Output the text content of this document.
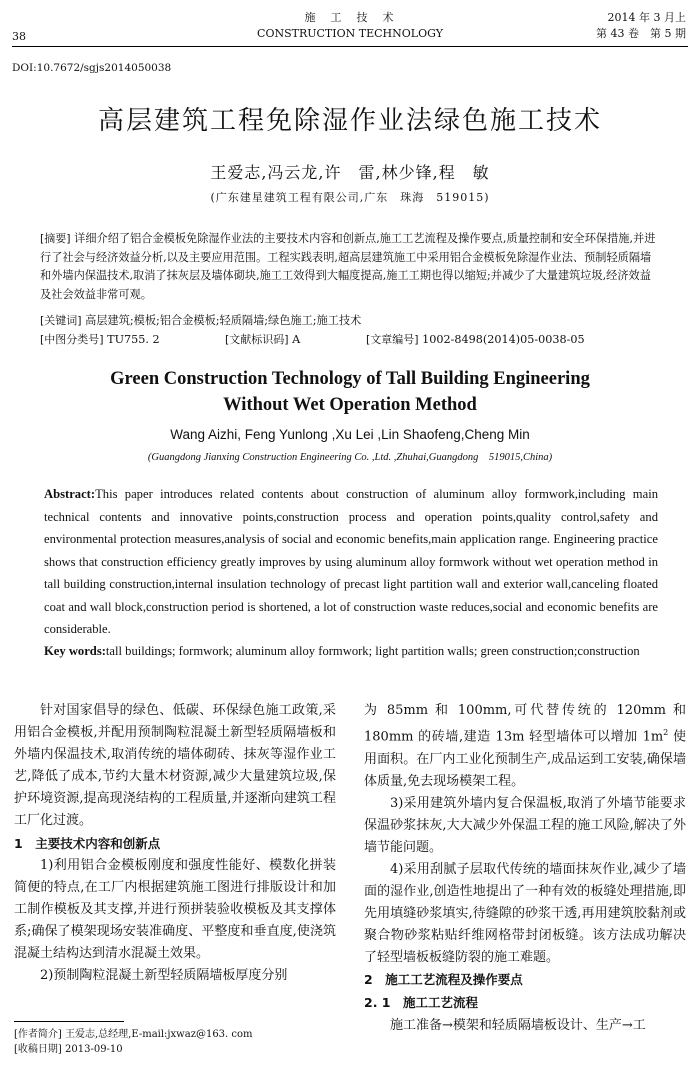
38
施　工　技　术
CONSTRUCTION TECHNOLOGY
2014 年 3 月上
第 43 卷　第 5 期
DOI:10.7672/sgjs2014050038
高层建筑工程免除湿作业法绿色施工技术
王爱志,冯云龙,许　雷,林少锋,程　敏
(广东建星建筑工程有限公司,广东　珠海　519015)
[摘要] 详细介绍了铝合金模板免除湿作业法的主要技术内容和创新点,施工工艺流程及操作要点,质量控制和安全环保措施,并进行了社会与经济效益分析,以及主要应用范围。工程实践表明,超高层建筑施工中采用铝合金模板免除湿作业法、预制轻质隔墙和外墙内保温技术,取消了抹灰层及墙体砌块,施工工效得到大幅度提高,施工工期也得以缩短;并减少了大量建筑垃圾,经济效益及社会效益非常可观。
[关键词] 高层建筑;模板;铝合金模板;轻质隔墙;绿色施工;施工技术
[中图分类号] TU755. 2	[文献标识码] A	[文章编号] 1002-8498(2014)05-0038-05
Green Construction Technology of Tall Building Engineering Without Wet Operation Method
Wang Aizhi, Feng Yunlong ,Xu Lei ,Lin Shaofeng,Cheng Min
(Guangdong Jianxing Construction Engineering Co. ,Ltd. ,Zhuhai,Guangdong　519015,China)
Abstract:This paper introduces related contents about construction of aluminum alloy formwork,including main technical contents and innovative points,construction process and operation points,quality control,safety and environmental protection measures,analysis of social and economic benefits,main application range. Engineering practice shows that construction efficiency greatly improves by using aluminum alloy formwork without wet operation method in tall building construction,internal insulation technology of precast light partition wall and exterior wall,canceling floated coat and wall block,construction period is shortened, a lot of construction waste reduces,social and economic benefits are considerable.
Key words:tall buildings; formwork; aluminum alloy formwork; light partition walls; green construction;construction

针对国家倡导的绿色、低碳、环保绿色施工政策,采用铝合金模板,并配用预制陶粒混凝土新型轻质隔墙板和外墙内保温技术,取消传统的墙体砌砖、抹灰等湿作业工艺,降低了成本,节约大量木材资源,减少大量建筑垃圾,保护环境资源,提高现浇结构的工程质量,并逐渐向建筑工程工厂化过渡。

1　主要技术内容和创新点

1)利用铝合金模板刚度和强度性能好、模数化拼装简便的特点,在工厂内根据建筑施工图进行排版设计和加工制作模板及其支撑,并进行预拼装验收模板及其支撑体系;确保了模架现场安装准确度、平整度和垂直度,使浇筑混凝土结构达到清水混凝土效果。

2)预制陶粒混凝土新型轻质隔墙板厚度分别

为 85mm 和 100mm,可代替传统的 120mm 和 180mm 的砖墙,建造 13m 轻型墙体可以增加 $1m^2$ 使用面积。在厂内工业化预制生产,成品运到工安装,确保墙体质量,免去现场模架工程。

3)采用建筑外墙内复合保温板,取消了外墙节能要求保温砂浆抹灰,大大减少外保温工程的施工风险,解决了外墙节能问题。

4)采用刮腻子层取代传统的墙面抹灰作业,减少了墙面的湿作业,创造性地提出了一种有效的板缝处理措施,即先用填缝砂浆填实,待缝隙的砂浆干透,再用建筑胶黏剂或聚合物砂浆粘贴纤维网格带封闭板缝。该方法成功解决了轻型墙板板缝防裂的施工难题。

2　施工工艺流程及操作要点

2. 1　施工工艺流程

施工准备→模架和轻质隔墙板设计、生产→工

[作者简介] 王爱志,总经理,E-mail:jxwaz@163. com
[收稿日期] 2013-09-10
